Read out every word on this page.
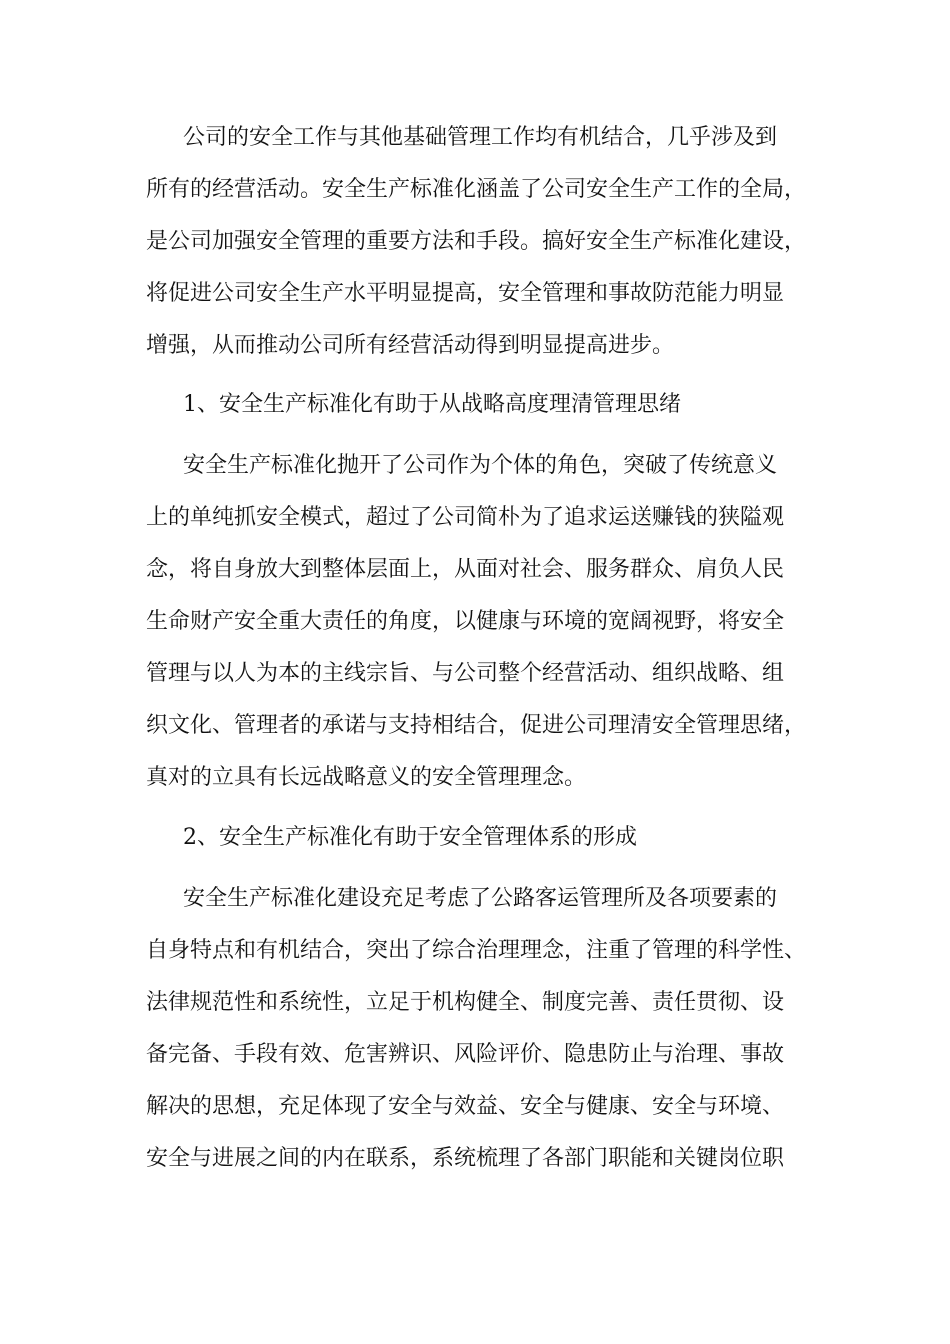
公司的安全工作与其他基础管理工作均有机结合，几乎涉及到
所有的经营活动。安全生产标准化涵盖了公司安全生产工作的全局，
是公司加强安全管理的重要方法和手段。搞好安全生产标准化建设，
将促进公司安全生产水平明显提高，安全管理和事故防范能力明显
增强，从而推动公司所有经营活动得到明显提高进步。
1、安全生产标准化有助于从战略高度理清管理思绪
安全生产标准化抛开了公司作为个体的角色，突破了传统意义
上的单纯抓安全模式，超过了公司简朴为了追求运送赚钱的狭隘观
念，将自身放大到整体层面上，从面对社会、服务群众、肩负人民
生命财产安全重大责任的角度，以健康与环境的宽阔视野，将安全
管理与以人为本的主线宗旨、与公司整个经营活动、组织战略、组
织文化、管理者的承诺与支持相结合，促进公司理清安全管理思绪，
真对的立具有长远战略意义的安全管理理念。
2、安全生产标准化有助于安全管理体系的形成
安全生产标准化建设充足考虑了公路客运管理所及各项要素的
自身特点和有机结合，突出了综合治理理念，注重了管理的科学性、
法律规范性和系统性，立足于机构健全、制度完善、责任贯彻、设
备完备、手段有效、危害辨识、风险评价、隐患防止与治理、事故
解决的思想，充足体现了安全与效益、安全与健康、安全与环境、
安全与进展之间的内在联系，系统梳理了各部门职能和关键岗位职
